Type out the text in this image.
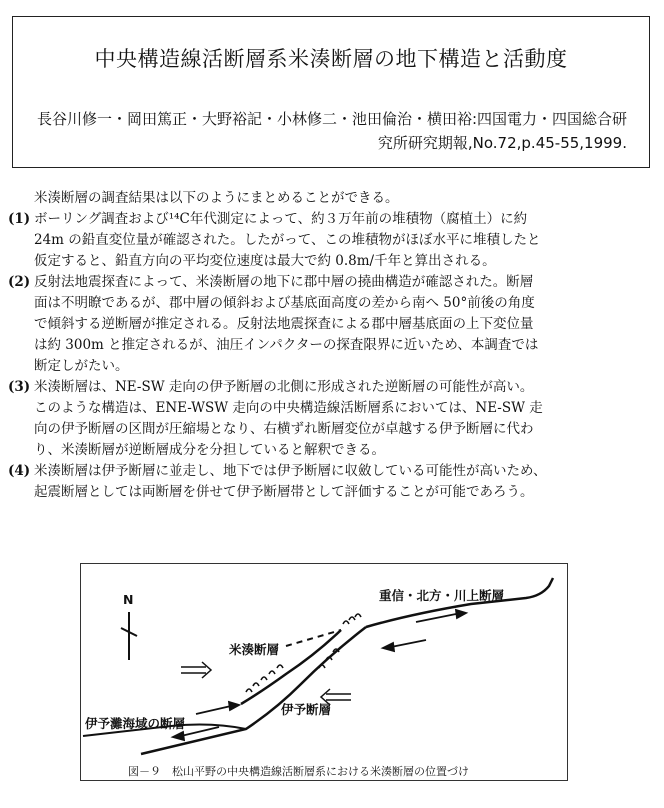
中央構造線活断層系米湊断層の地下構造と活動度
長谷川修一・岡田篤正・大野裕記・小林修二・池田倫治・横田裕:四国電力・四国総合研
究所研究期報,No.72,p.45-55,1999.

米湊断層の調査結果は以下のようにまとめることができる。

(1) ボーリング調査および¹⁴C年代測定によって、約３万年前の堆積物（腐植土）に約
24m の鉛直変位量が確認された。したがって、この堆積物がほぼ水平に堆積したと
仮定すると、鉛直方向の平均変位速度は最大で約 0.8m/千年と算出される。
(2) 反射法地震探査によって、米湊断層の地下に郡中層の撓曲構造が確認された。断層
面は不明瞭であるが、郡中層の傾斜および基底面高度の差から南へ 50°前後の角度
で傾斜する逆断層が推定される。反射法地震探査による郡中層基底面の上下変位量
は約 300m と推定されるが、油圧インパクターの探査限界に近いため、本調査では
断定しがたい。
(3) 米湊断層は、NE-SW 走向の伊予断層の北側に形成された逆断層の可能性が高い。
このような構造は、ENE-WSW 走向の中央構造線活断層系においては、NE-SW 走
向の伊予断層の区間が圧縮場となり、右横ずれ断層変位が卓越する伊予断層に代わ
り、米湊断層が逆断層成分を分担していると解釈できる。
(4) 米湊断層は伊予断層に並走し、地下では伊予断層に収斂している可能性が高いため、
起震断層としては両断層を併せて伊予断層帯として評価することが可能であろう。
N	重信・北方・川上断層
米湊断層
伊予断層
伊予灘海域の断層
図－９　松山平野の中央構造線活断層系における米湊断層の位置づけ
